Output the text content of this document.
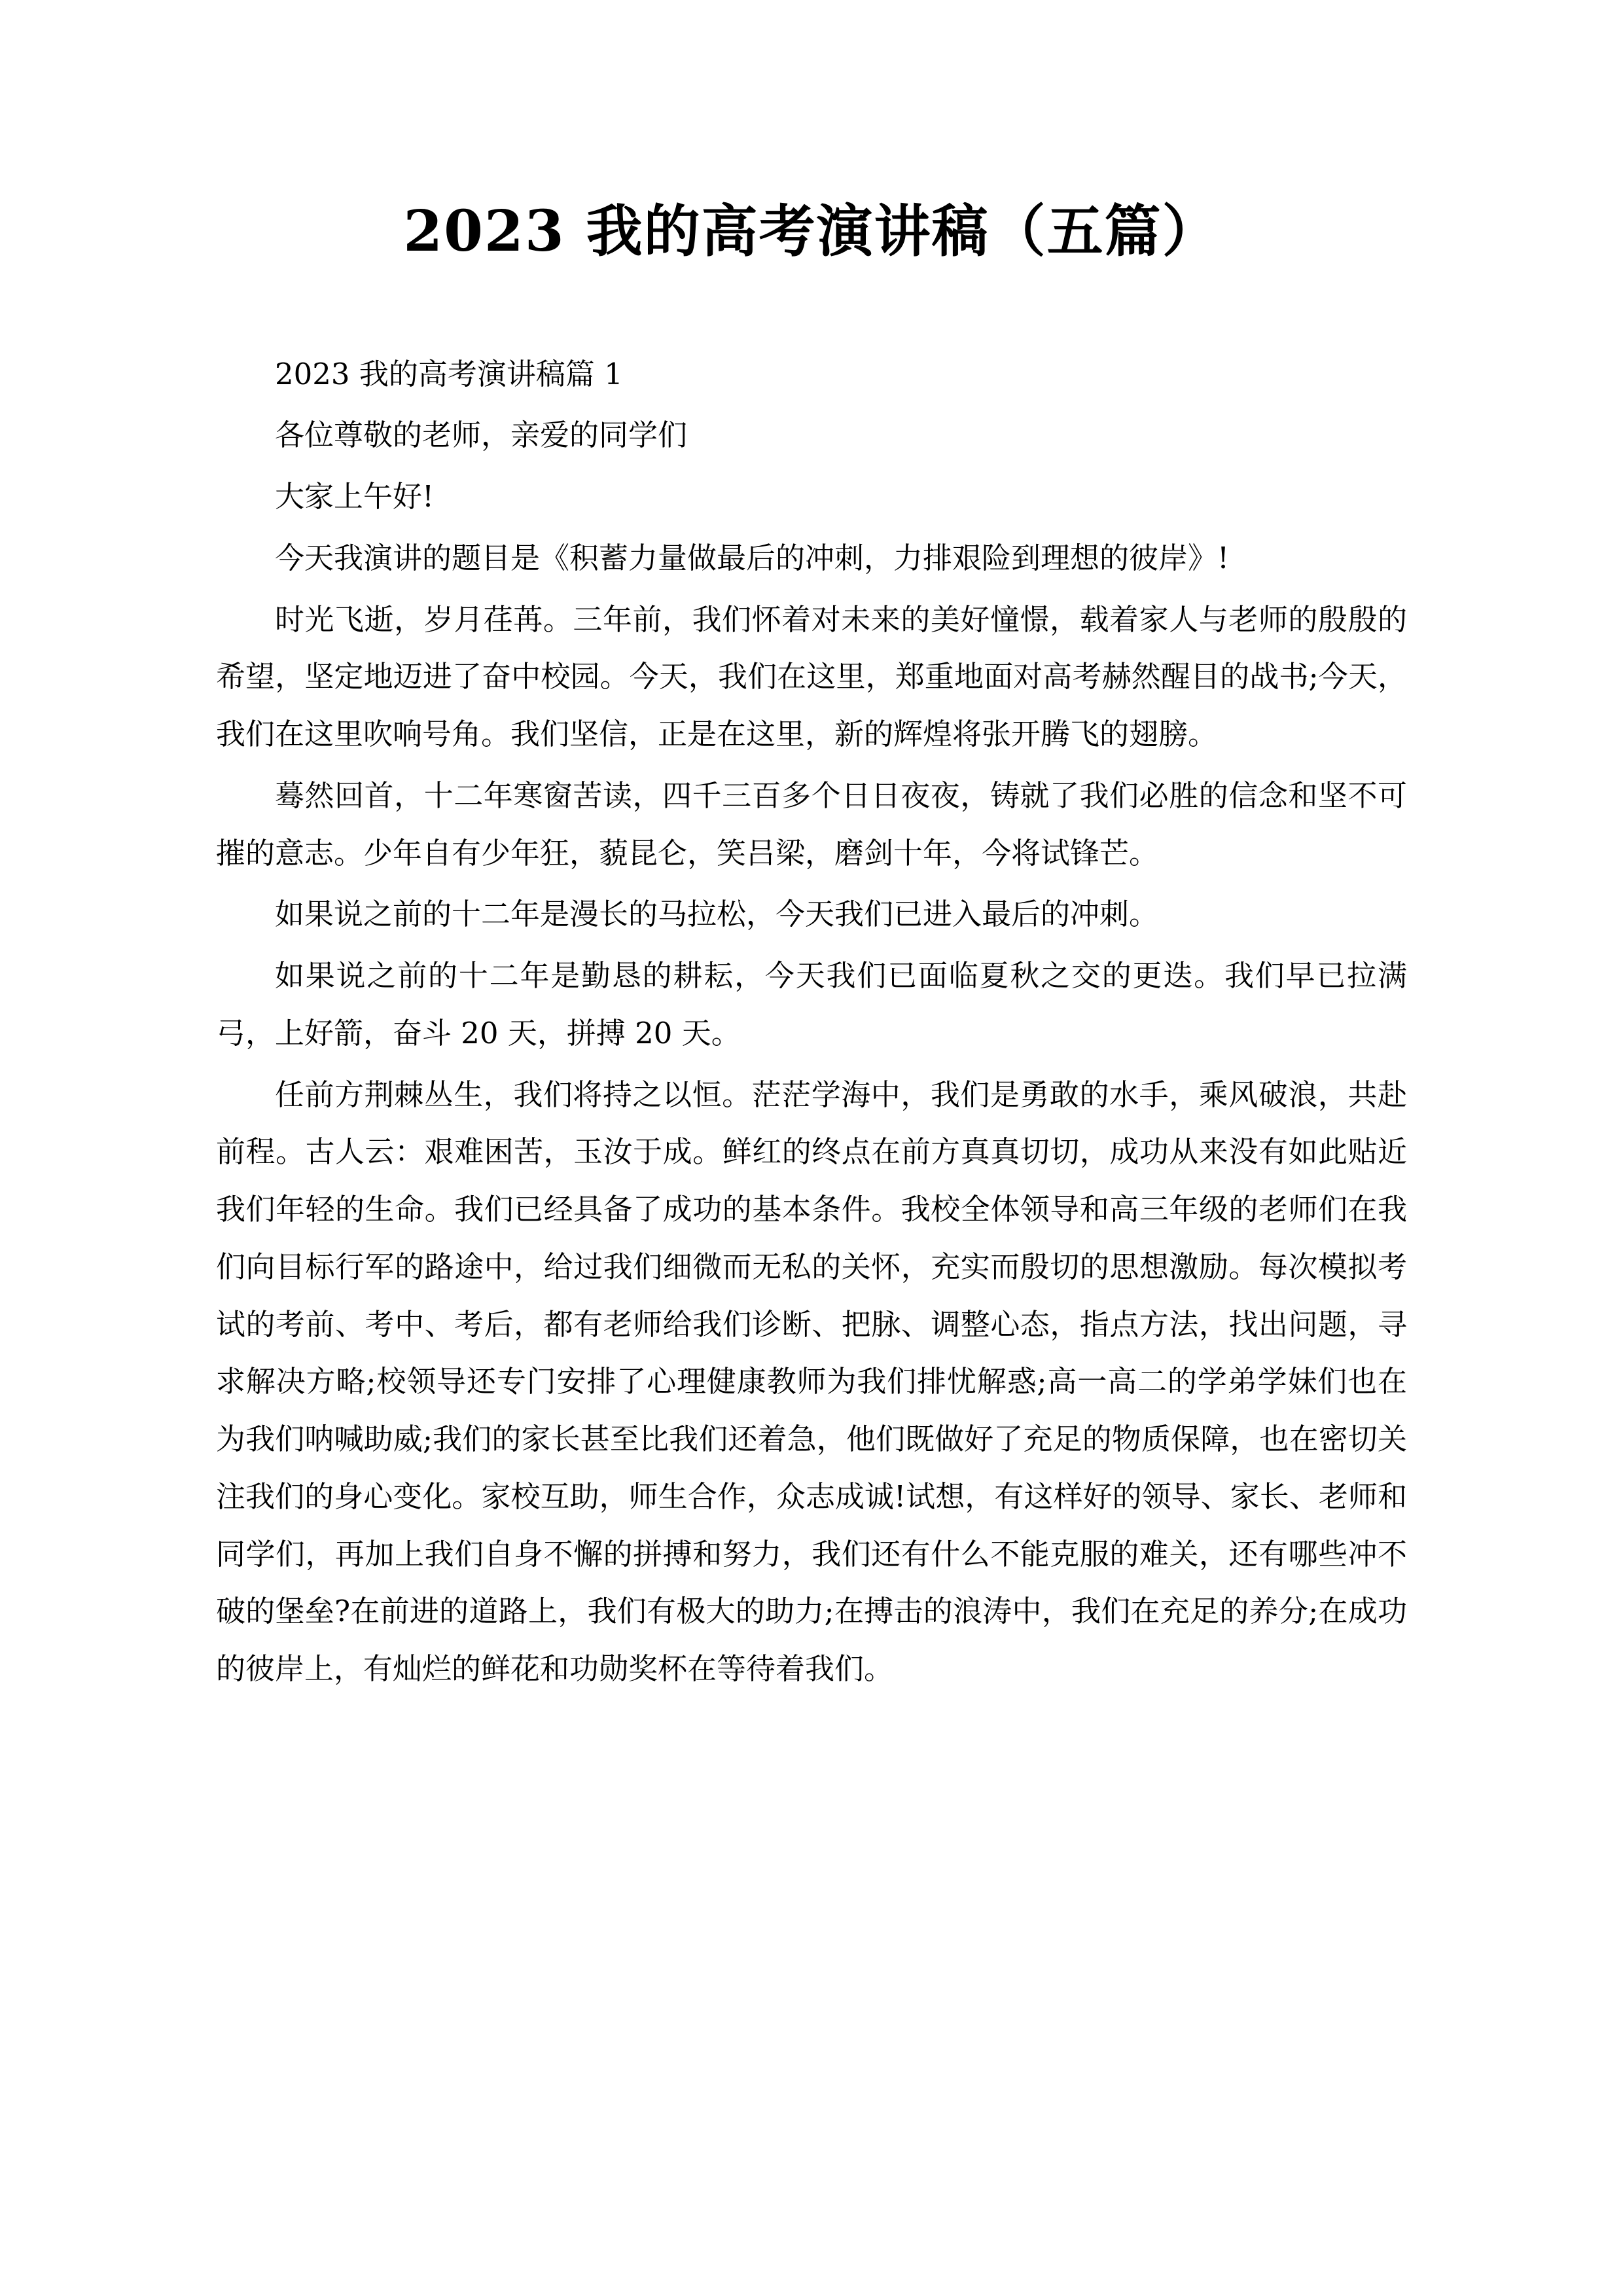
2023 我的高考演讲稿（五篇）

2023 我的高考演讲稿篇 1

各位尊敬的老师，亲爱的同学们

大家上午好!

今天我演讲的题目是《积蓄力量做最后的冲刺，力排艰险到理想的彼岸》!

时光飞逝，岁月荏苒。三年前，我们怀着对未来的美好憧憬，载着家人与老师的殷殷的希望，坚定地迈进了奋中校园。今天，我们在这里，郑重地面对高考赫然醒目的战书;今天，我们在这里吹响号角。我们坚信，正是在这里，新的辉煌将张开腾飞的翅膀。

蓦然回首，十二年寒窗苦读，四千三百多个日日夜夜，铸就了我们必胜的信念和坚不可摧的意志。少年自有少年狂，藐昆仑，笑吕梁，磨剑十年，今将试锋芒。

如果说之前的十二年是漫长的马拉松，今天我们已进入最后的冲刺。

如果说之前的十二年是勤恳的耕耘，今天我们已面临夏秋之交的更迭。我们早已拉满弓，上好箭，奋斗 20 天，拼搏 20 天。

任前方荆棘丛生，我们将持之以恒。茫茫学海中，我们是勇敢的水手，乘风破浪，共赴前程。古人云：艰难困苦，玉汝于成。鲜红的终点在前方真真切切，成功从来没有如此贴近我们年轻的生命。我们已经具备了成功的基本条件。我校全体领导和高三年级的老师们在我们向目标行军的路途中，给过我们细微而无私的关怀，充实而殷切的思想激励。每次模拟考试的考前、考中、考后，都有老师给我们诊断、把脉、调整心态，指点方法，找出问题，寻求解决方略;校领导还专门安排了心理健康教师为我们排忧解惑;高一高二的学弟学妹们也在为我们呐喊助威;我们的家长甚至比我们还着急，他们既做好了充足的物质保障，也在密切关注我们的身心变化。家校互助，师生合作，众志成诚!试想，有这样好的领导、家长、老师和同学们，再加上我们自身不懈的拼搏和努力，我们还有什么不能克服的难关，还有哪些冲不破的堡垒?在前进的道路上，我们有极大的助力;在搏击的浪涛中，我们在充足的养分;在成功的彼岸上，有灿烂的鲜花和功勋奖杯在等待着我们。
